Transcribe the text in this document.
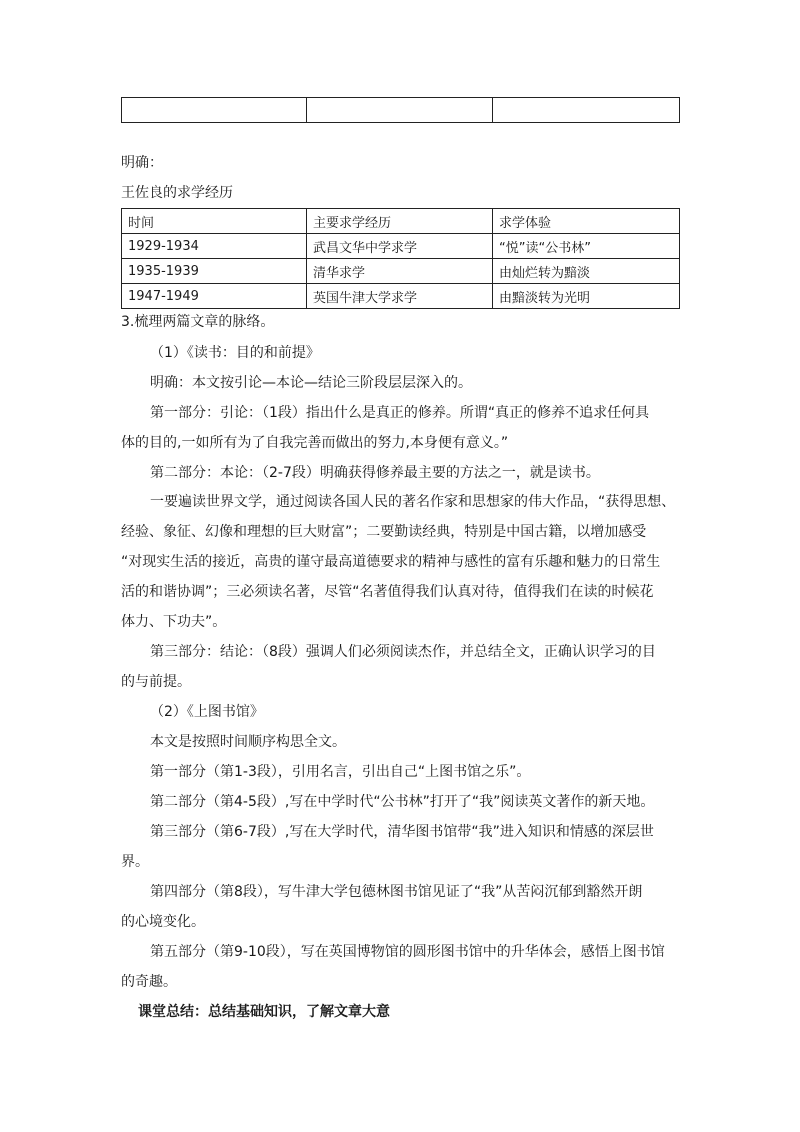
明确：
王佐良的求学经历
时间	主要求学经历	求学体验
1929-1934	武昌文华中学求学	“悦”读“公书林”
1935-1939	清华求学	由灿烂转为黯淡
1947-1949	英国牛津大学求学	由黯淡转为光明
3.梳理两篇文章的脉络。
（1）《读书：目的和前提》
明确：本文按引论—本论—结论三阶段层层深入的。
第一部分：引论：（1段）指出什么是真正的修养。所谓“真正的修养不追求任何具
体的目的,一如所有为了自我完善而做出的努力,本身便有意义。”
第二部分：本论：（2-7段）明确获得修养最主要的方法之一，就是读书。
一要遍读世界文学，通过阅读各国人民的著名作家和思想家的伟大作品，“获得思想、
经验、象征、幻像和理想的巨大财富”；二要勤读经典，特别是中国古籍，以增加感受
“对现实生活的接近，高贵的谨守最高道德要求的精神与感性的富有乐趣和魅力的日常生
活的和谐协调”；三必须读名著，尽管“名著值得我们认真对待，值得我们在读的时候花
体力、下功夫”。
第三部分：结论：（8段）强调人们必须阅读杰作，并总结全文，正确认识学习的目
的与前提。
（2）《上图书馆》
本文是按照时间顺序构思全文。
第一部分（第1-3段），引用名言，引出自己“上图书馆之乐”。
第二部分（第4-5段）,写在中学时代“公书林”打开了“我”阅读英文著作的新天地。
第三部分（第6-7段）,写在大学时代，清华图书馆带“我”进入知识和情感的深层世
界。
第四部分（第8段），写牛津大学包德林图书馆见证了“我”从苦闷沉郁到豁然开朗
的心境变化。
第五部分（第9-10段），写在英国博物馆的圆形图书馆中的升华体会，感悟上图书馆
的奇趣。
课堂总结：总结基础知识，了解文章大意
